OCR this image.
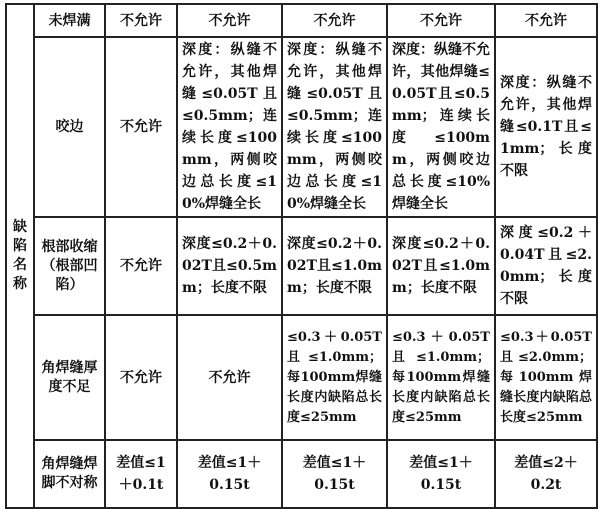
缺陷名称	未焊满	不允许	不允许	不允许	不允许	不允许
	咬边	不允许	深度：纵缝不允许，其他焊缝≤0.05T且≤0.5mm；连续长度≤100mm，两侧咬边总长度≤10%焊缝全长	深度：纵缝不允许，其他焊缝≤0.05T且≤0.5mm；连续长度≤100mm，两侧咬边总长度≤10%焊缝全长	深度：纵缝不允许，其他焊缝≤0.05T且≤0.5mm；连续长度≤100mm，两侧咬边总长度≤10%焊缝全长	深度：纵缝不允许，其他焊缝≤0.1T且≤1mm；长度不限
	根部收缩（根部凹陷）	不允许	深度≤0.2＋0.02T且≤0.5mm；长度不限	深度≤0.2＋0.02T且≤1.0mm；长度不限	深度≤0.2＋0.02T且≤1.0mm；长度不限	深度≤0.2＋0.04T且≤2.0mm；长度不限
	角焊缝厚度不足	不允许	不允许	≤0.3＋0.05T且≤1.0mm；每100mm焊缝长度内缺陷总长度≤25mm	≤0.3＋0.05T且≤1.0mm；每100mm焊缝长度内缺陷总长度≤25mm	≤0.3＋0.05T且≤2.0mm；每100mm焊缝长度内缺陷总长度≤25mm
	角焊缝焊脚不对称	差值≤1＋0.1t	差值≤1＋0.15t	差值≤1＋0.15t	差值≤1＋0.15t	差值≤2＋0.2t
